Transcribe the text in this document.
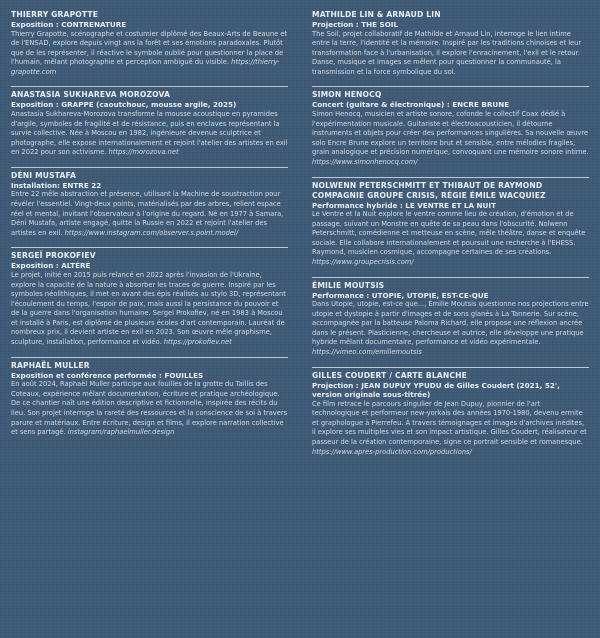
THIERRY GRAPOTTE
Exposition : CONTRENATURE
Thierry Grapotte, scénographe et costumier diplômé des Beaux-Arts de Beaune et de l'ENSAD, explore depuis vingt ans la forêt et ses émotions paradoxales. Plutôt que de les représenter, il réactive le symbole oublié pour questionner la place de l'humain, mêlant photographie et perception ambiguë du visible. https://thierry-grapotte.com
ANASTASIA SUKHAREVA MOROZOVA
Exposition : GRAPPE (caoutchouc, mousse argile, 2025)
Anastasia Sukhareva-Morozova transforme la mousse acoustique en pyramides d'argile, symboles de fragilité et de résistance, puis en enclaves représentant la survie collective. Née à Moscou en 1982, ingénieure devenue sculptrice et photographe, elle expose internationalement et rejoint l'atelier des artistes en exil en 2022 pour son activisme. https://morozova.net
DÉNI MUSTAFA
Installation: ENTRE 22
Entre 22 mêle abstraction et présence, utilisant la Machine de soustraction pour révéler l'essentiel. Vingt-deux points, matérialisés par des arbres, relient espace réel et mental, invitant l'observateur à l'origine du regard. Né en 1977 à Samara, Déni Mustafa, artiste engagé, quitte la Russie en 2022 et rejoint l'atelier des artistes en exil. https://www.instagram.com/observer.s.point.model/
SERGEÏ PROKOFIEV
Exposition : ALTÉRÉ
Le projet, initié en 2015 puis relancé en 2022 après l'invasion de l'Ukraine, explore la capacité de la nature à absorber les traces de guerre. Inspiré par les symboles néolithiques, il met en avant des épis réalisés au stylo 3D, représentant l'écoulement du temps, l'espoir de paix, mais aussi la persistance du pouvoir et de la guerre dans l'organisation humaine. Sergei Prokofiev, né en 1983 à Moscou et installé à Paris, est diplômé de plusieurs écoles d'art contemporain. Lauréat de nombreux prix, il devient artiste en exil en 2023. Son œuvre mêle graphisme, sculpture, installation, performance et vidéo. https://prokofiev.net
RAPHAËL MULLER
Exposition et conférence performée : FOUILLES
En août 2024, Raphaël Muller participe aux fouilles de la grotte du Taillis des Coteaux, expérience mêlant documentation, écriture et pratique archéologique. De ce chantier naît une édition descriptive et fictionnelle, inspirée des récits du lieu. Son projet interroge la rareté des ressources et la conscience de soi à travers parure et matériaux. Entre écriture, design et films, il explore narration collective et sens partagé. instagram/raphaelmuller.design
MATHILDE LIN & ARNAUD LIN
Projection : THE SOIL
The Soil, projet collaboratif de Mathilde et Arnaud Lin, interroge le lien intime entre la terre, l'identité et la mémoire. Inspiré par les traditions chinoises et leur transformation face à l'urbanisation, il explore l'enracinement, l'exil et le retour. Danse, musique et images se mêlent pour questionner la communauté, la transmission et la force symbolique du sol.
SIMON HENOCQ
Concert (guitare & électronique) : ENCRE BRUNE
Simon Henocq, musicien et artiste sonore, cofonde le collectif Coax dédié à l'expérimentation musicale. Guitariste et électroacousticien, il détourne instruments et objets pour créer des performances singulières. Sa nouvelle œuvre solo Encre Brune explore un territoire brut et sensible, entre mélodies fragiles, grain analogique et précision numérique, convoquant une mémoire sonore intime. https://www.simonhenocq.com/
NOLWENN PETERSCHMITT ET THIBAUT DE RAYMOND COMPAGNIE GROUPE CRISIS, RÉGIE ÉMILE WACQUIEZ
Performance hybride : LE VENTRE ET LA NUIT
Le Ventre et la Nuit explore le ventre comme lieu de création, d'émotion et de passage, suivant un Monstre en quête de sa peau dans l'obscurité. Nolwenn Peterschmitt, comédienne et metteuse en scène, mêle théâtre, danse et enquête sociale. Elle collabore internationalement et poursuit une recherche à l'EHESS. Raymond, musicien cosmique, accompagne certaines de ses créations. https://www.groupecrisis.com/
ÉMILIE MOUTSIS
Performance : UTOPIE, UTOPIE, EST-CE-QUE
Dans Utopie, utopie, est-ce que..., Émilie Moutsis questionne nos projections entre utopie et dystopie à partir d'images et de sons glanés à La Tannerie. Sur scène, accompagnée par la batteuse Paloma Richard, elle propose une réflexion ancrée dans le présent. Plasticienne, chercheuse et autrice, elle développe une pratique hybride mêlant documentaire, performance et vidéo expérimentale. https://vimeo.com/emiliemoutsis
GILLES COUDERT / CARTE BLANCHE
Projection : JEAN DUPUY YPUDU de Gilles Coudert (2021, 52', version originale sous-titrée)
Ce film retrace le parcours singulier de Jean Dupuy, pionnier de l'art technologique et performeur new-yorkais des années 1970-1980, devenu ermite et graphologue à Pierrefeu. À travers témoignages et images d'archives inédites, il explore ses multiples vies et son impact artistique. Gilles Coudert, réalisateur et passeur de la création contemporaine, signe ce portrait sensible et romanesque. https://www.apres-production.com/productions/
